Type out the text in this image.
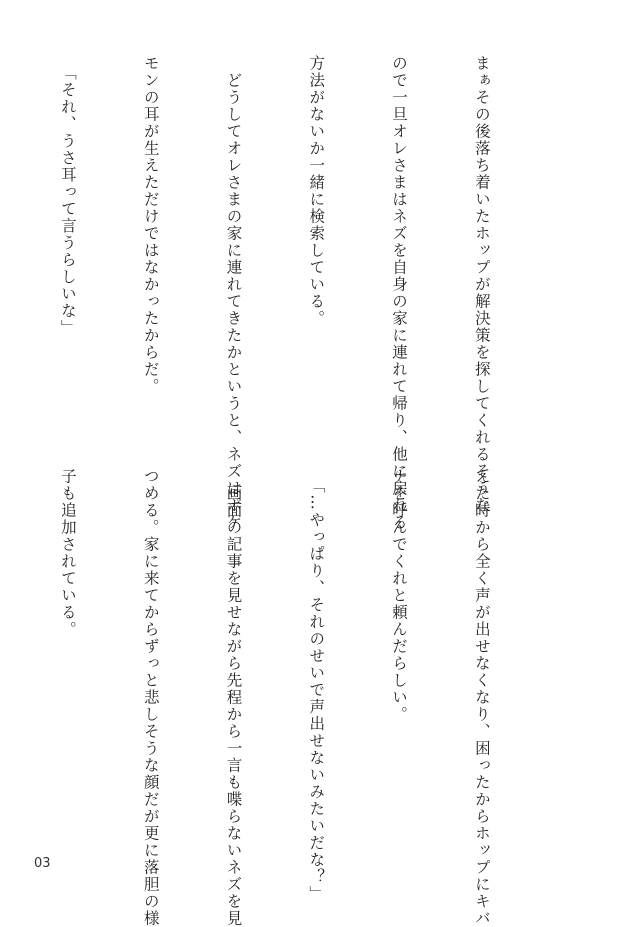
まぁその後落ち着いたホップが解決策を探してくれるそうな

ので一旦オレさまはネズを自身の家に連れて帰り、他に戻れる

方法がないか一緒に検索している。

　どうしてオレさまの家に連れてきたかというと、ネズはポケ

モンの耳が生えただけではなかったからだ。

　「それ、うさ耳って言うらしいな」

えた時から全く声が出せなくなり、困ったからホップにキバ

ナを呼んでくれと頼んだらしい。

　「…やっぱり、それのせいで声出せないみたいだな？」

　画面の記事を見せながら先程から一言も喋らないネズを見

つめる。家に来てからずっと悲しそうな顔だが更に落胆の様

子も追加されている。

03
